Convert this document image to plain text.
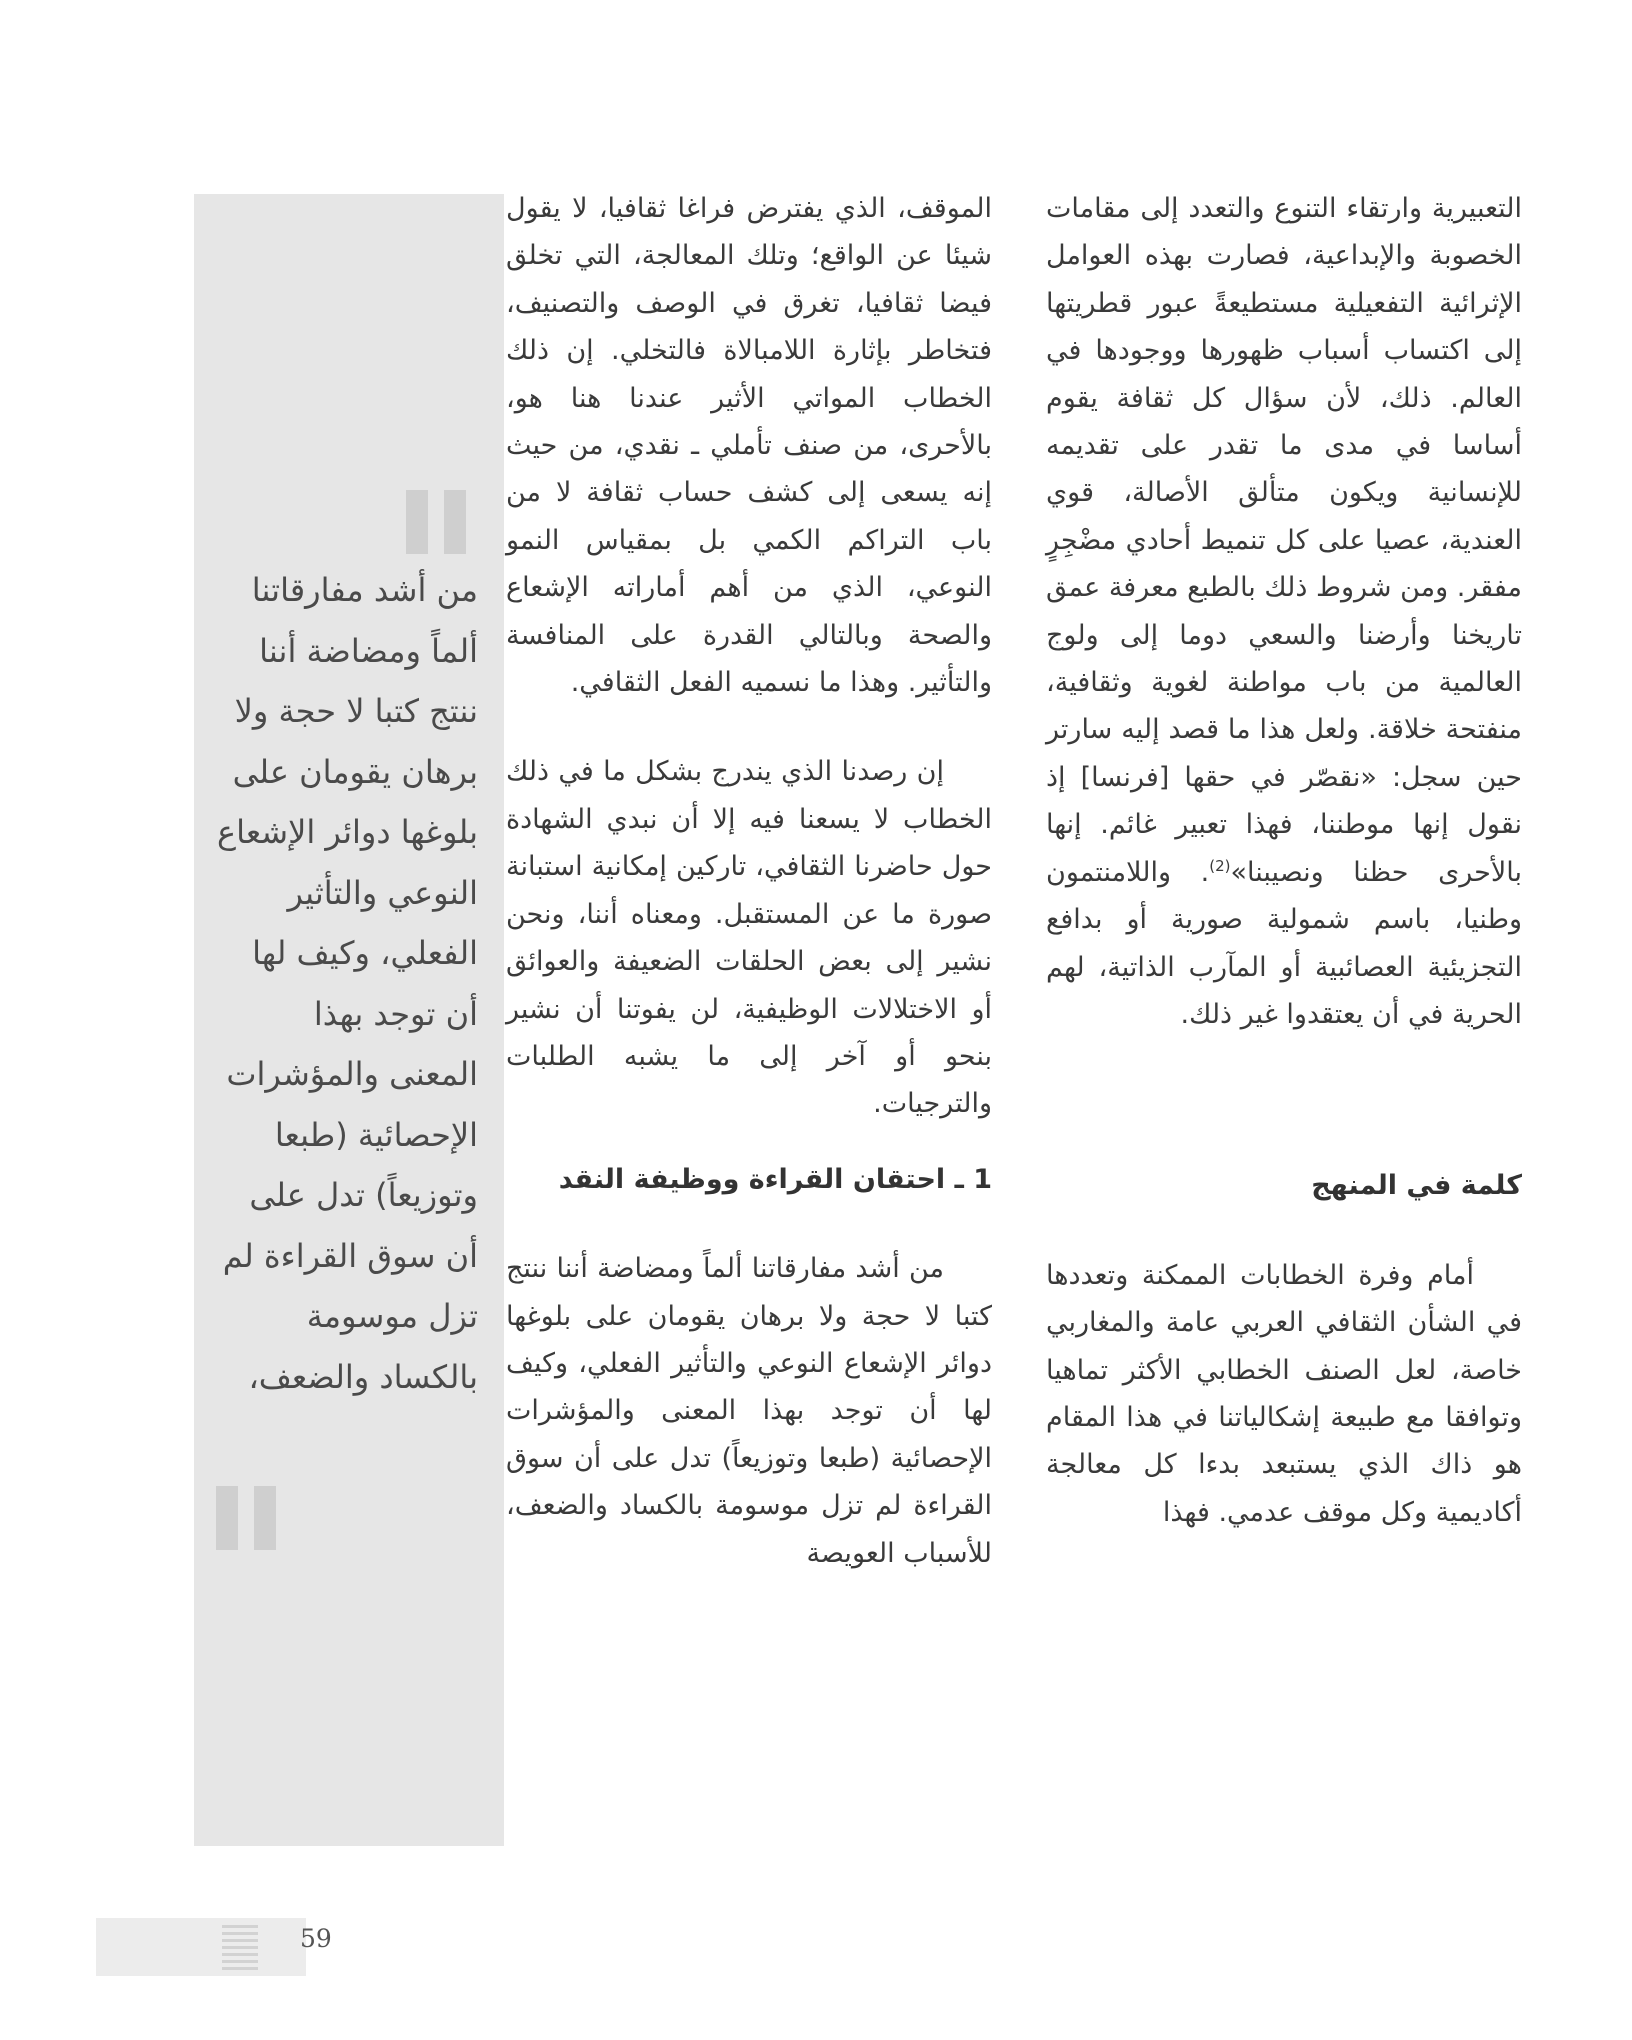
التعبيرية وارتقاء التنوع والتعدد إلى مقامات الخصوبة والإبداعية، فصارت بهذه العوامل الإثرائية التفعيلية مستطيعةً عبور قطريتها إلى اكتساب أسباب ظهورها ووجودها في العالم. ذلك، لأن سؤال كل ثقافة يقوم أساسا في مدى ما تقدر على تقديمه للإنسانية ويكون متألق الأصالة، قوي العندية، عصيا على كل تنميط أحادي مضْجِرٍ مفقر. ومن شروط ذلك بالطبع معرفة عمق تاريخنا وأرضنا والسعي دوما إلى ولوج العالمية من باب مواطنة لغوية وثقافية، منفتحة خلاقة. ولعل هذا ما قصد إليه سارتر حين سجل: «نقصّر في حقها [فرنسا] إذ نقول إنها موطننا، فهذا تعبير غائم. إنها بالأحرى حظنا ونصيبنا»$^{(2)}$. واللامنتمون وطنيا، باسم شمولية صورية أو بدافع التجزيئية العصائبية أو المآرب الذاتية، لهم الحرية في أن يعتقدوا غير ذلك.

كلمة في المنهج

أمام وفرة الخطابات الممكنة وتعددها في الشأن الثقافي العربي عامة والمغاربي خاصة، لعل الصنف الخطابي الأكثر تماهيا وتوافقا مع طبيعة إشكالياتنا في هذا المقام هو ذاك الذي يستبعد بدءا كل معالجة أكاديمية وكل موقف عدمي. فهذا

الموقف، الذي يفترض فراغا ثقافيا، لا يقول شيئا عن الواقع؛ وتلك المعالجة، التي تخلق فيضا ثقافيا، تغرق في الوصف والتصنيف، فتخاطر بإثارة اللامبالاة فالتخلي. إن ذلك الخطاب المواتي الأثير عندنا هنا هو، بالأحرى، من صنف تأملي ـ نقدي، من حيث إنه يسعى إلى كشف حساب ثقافة لا من باب التراكم الكمي بل بمقياس النمو النوعي، الذي من أهم أماراته الإشعاع والصحة وبالتالي القدرة على المنافسة والتأثير. وهذا ما نسميه الفعل الثقافي.

إن رصدنا الذي يندرج بشكل ما في ذلك الخطاب لا يسعنا فيه إلا أن نبدي الشهادة حول حاضرنا الثقافي، تاركين إمكانية استبانة صورة ما عن المستقبل. ومعناه أننا، ونحن نشير إلى بعض الحلقات الضعيفة والعوائق أو الاختلالات الوظيفية، لن يفوتنا أن نشير بنحو أو آخر إلى ما يشبه الطلبات والترجيات.

1 ـ احتقان القراءة ووظيفة النقد

من أشد مفارقاتنا ألماً ومضاضة أننا ننتج كتبا لا حجة ولا برهان يقومان على بلوغها دوائر الإشعاع النوعي والتأثير الفعلي، وكيف لها أن توجد بهذا المعنى والمؤشرات الإحصائية (طبعا وتوزيعاً) تدل على أن سوق القراءة لم تزل موسومة بالكساد والضعف، للأسباب العويصة

من أشد مفارقاتنا ألماً ومضاضة أننا ننتج كتبا لا حجة ولا برهان يقومان على بلوغها دوائر الإشعاع النوعي والتأثير الفعلي، وكيف لها أن توجد بهذا المعنى والمؤشرات الإحصائية (طبعا وتوزيعاً) تدل على أن سوق القراءة لم تزل موسومة بالكساد والضعف،
59
